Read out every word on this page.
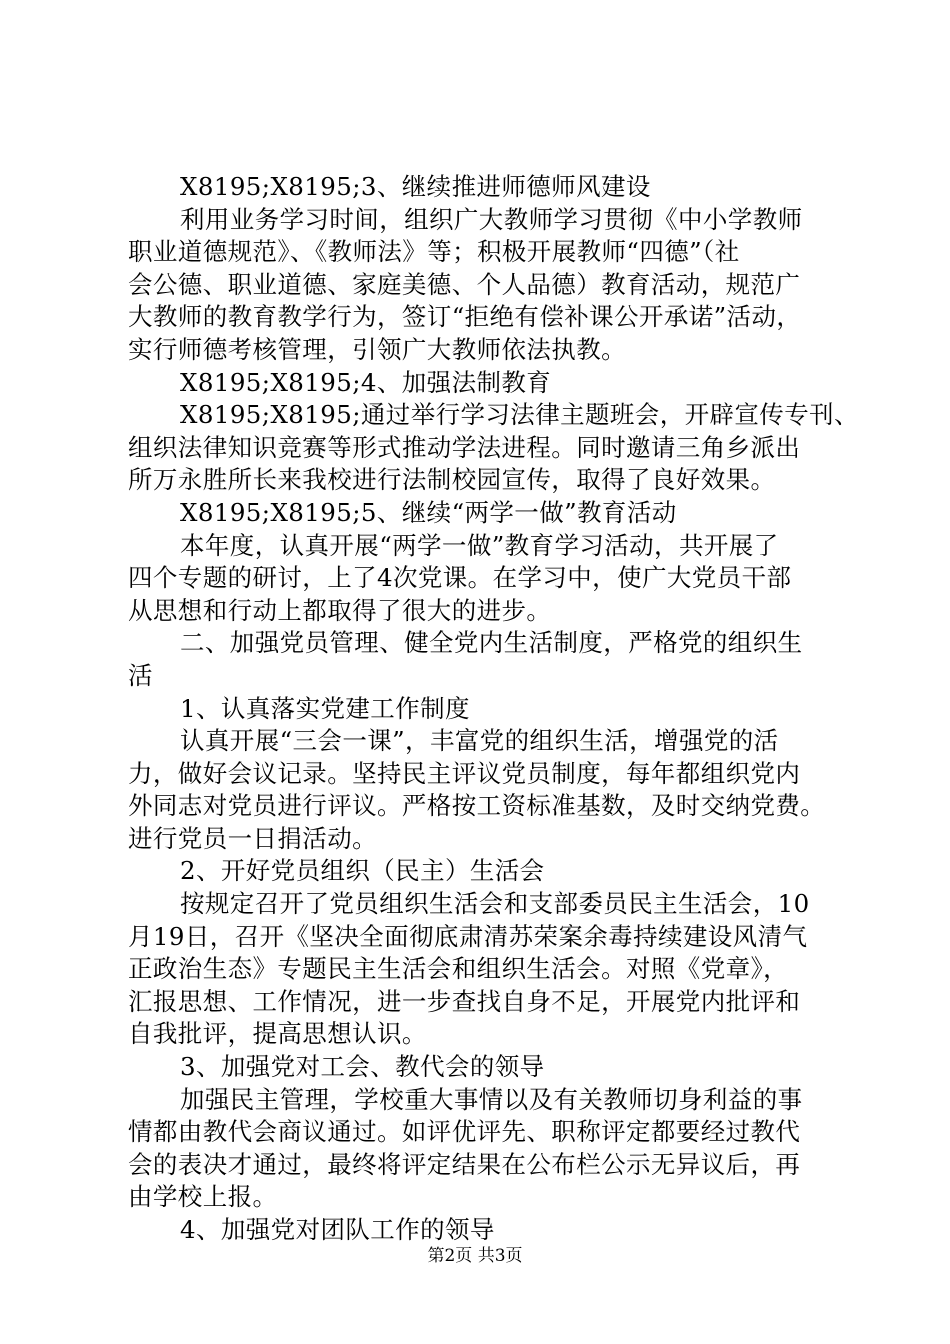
X8195;X8195;3、继续推进师德师风建设
利用业务学习时间，组织广大教师学习贯彻《中小学教师
职业道德规范》、《教师法》等；积极开展教师“四德”（社
会公德、职业道德、家庭美德、个人品德）教育活动，规范广
大教师的教育教学行为，签订“拒绝有偿补课公开承诺”活动，
实行师德考核管理，引领广大教师依法执教。
X8195;X8195;4、加强法制教育
X8195;X8195;通过举行学习法律主题班会，开辟宣传专刊、
组织法律知识竞赛等形式推动学法进程。同时邀请三角乡派出
所万永胜所长来我校进行法制校园宣传，取得了良好效果。
X8195;X8195;5、继续“两学一做”教育活动
本年度，认真开展“两学一做”教育学习活动，共开展了
四个专题的研讨，上了4次党课。在学习中，使广大党员干部
从思想和行动上都取得了很大的进步。
二、加强党员管理、健全党内生活制度，严格党的组织生
活
1、认真落实党建工作制度
认真开展“三会一课”，丰富党的组织生活，增强党的活
力，做好会议记录。坚持民主评议党员制度，每年都组织党内
外同志对党员进行评议。严格按工资标准基数，及时交纳党费。
进行党员一日捐活动。
2、开好党员组织（民主）生活会
按规定召开了党员组织生活会和支部委员民主生活会，10
月19日，召开《坚决全面彻底肃清苏荣案余毒持续建设风清气
正政治生态》专题民主生活会和组织生活会。对照《党章》，
汇报思想、工作情况，进一步查找自身不足，开展党内批评和
自我批评，提高思想认识。
3、加强党对工会、教代会的领导
加强民主管理，学校重大事情以及有关教师切身利益的事
情都由教代会商议通过。如评优评先、职称评定都要经过教代
会的表决才通过，最终将评定结果在公布栏公示无异议后，再
由学校上报。
4、加强党对团队工作的领导
第2页 共3页
